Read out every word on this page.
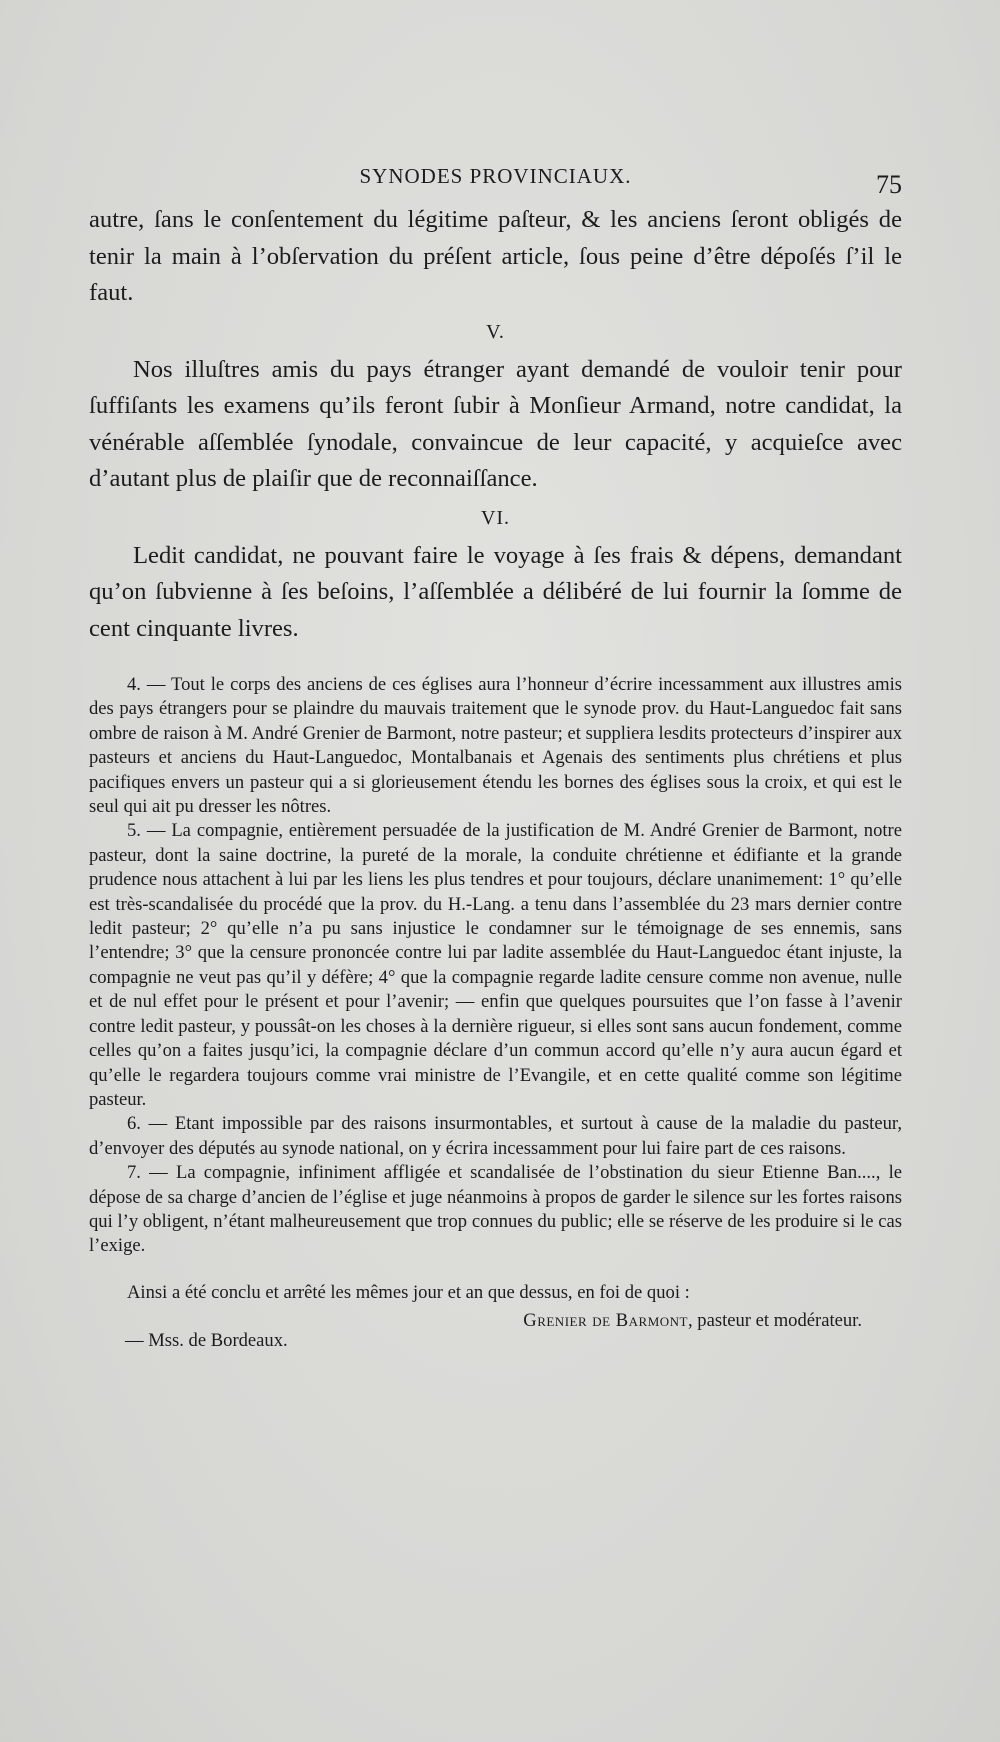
SYNODES PROVINCIAUX.	75

autre, ſans le conſentement du légitime paſteur, & les anciens ſeront obligés de tenir la main à l’obſervation du préſent article, ſous peine d’être dépoſés ſ’il le faut.

V.

Nos illuſtres amis du pays étranger ayant demandé de vouloir tenir pour ſuffiſants les examens qu’ils feront ſubir à Monſieur Armand, notre candidat, la vénérable aſſemblée ſynodale, convaincue de leur capacité, y acquieſce avec d’autant plus de plaiſir que de reconnaiſſance.

VI.

Ledit candidat, ne pouvant faire le voyage à ſes frais & dépens, demandant qu’on ſubvienne à ſes beſoins, l’aſſemblée a délibéré de lui fournir la ſomme de cent cinquante livres.

4. — Tout le corps des anciens de ces églises aura l’honneur d’écrire incessamment aux illustres amis des pays étrangers pour se plaindre du mauvais traitement que le synode prov. du Haut-Languedoc fait sans ombre de raison à M. André Grenier de Barmont, notre pasteur; et suppliera lesdits protecteurs d’inspirer aux pasteurs et anciens du Haut-Languedoc, Montalbanais et Agenais des sentiments plus chrétiens et plus pacifiques envers un pasteur qui a si glorieusement étendu les bornes des églises sous la croix, et qui est le seul qui ait pu dresser les nôtres.

5. — La compagnie, entièrement persuadée de la justification de M. André Grenier de Barmont, notre pasteur, dont la saine doctrine, la pureté de la morale, la conduite chrétienne et édifiante et la grande prudence nous attachent à lui par les liens les plus tendres et pour toujours, déclare unanimement: 1° qu’elle est très-scandalisée du procédé que la prov. du H.-Lang. a tenu dans l’assemblée du 23 mars dernier contre ledit pasteur; 2° qu’elle n’a pu sans injustice le condamner sur le témoignage de ses ennemis, sans l’entendre; 3° que la censure prononcée contre lui par ladite assemblée du Haut-Languedoc étant injuste, la compagnie ne veut pas qu’il y défère; 4° que la compagnie regarde ladite censure comme non avenue, nulle et de nul effet pour le présent et pour l’avenir; — enfin que quelques poursuites que l’on fasse à l’avenir contre ledit pasteur, y poussât-on les choses à la dernière rigueur, si elles sont sans aucun fondement, comme celles qu’on a faites jusqu’ici, la compagnie déclare d’un commun accord qu’elle n’y aura aucun égard et qu’elle le regardera toujours comme vrai ministre de l’Evangile, et en cette qualité comme son légitime pasteur.

6. — Etant impossible par des raisons insurmontables, et surtout à cause de la maladie du pasteur, d’envoyer des députés au synode national, on y écrira incessamment pour lui faire part de ces raisons.

7. — La compagnie, infiniment affligée et scandalisée de l’obstination du sieur Etienne Ban...., le dépose de sa charge d’ancien de l’église et juge néanmoins à propos de garder le silence sur les fortes raisons qui l’y obligent, n’étant malheureusement que trop connues du public; elle se réserve de les produire si le cas l’exige.

Ainsi a été conclu et arrêté les mêmes jour et an que dessus, en foi de quoi :

— Mss. de Bordeaux.
Grenier de Barmont, pasteur et modérateur.
